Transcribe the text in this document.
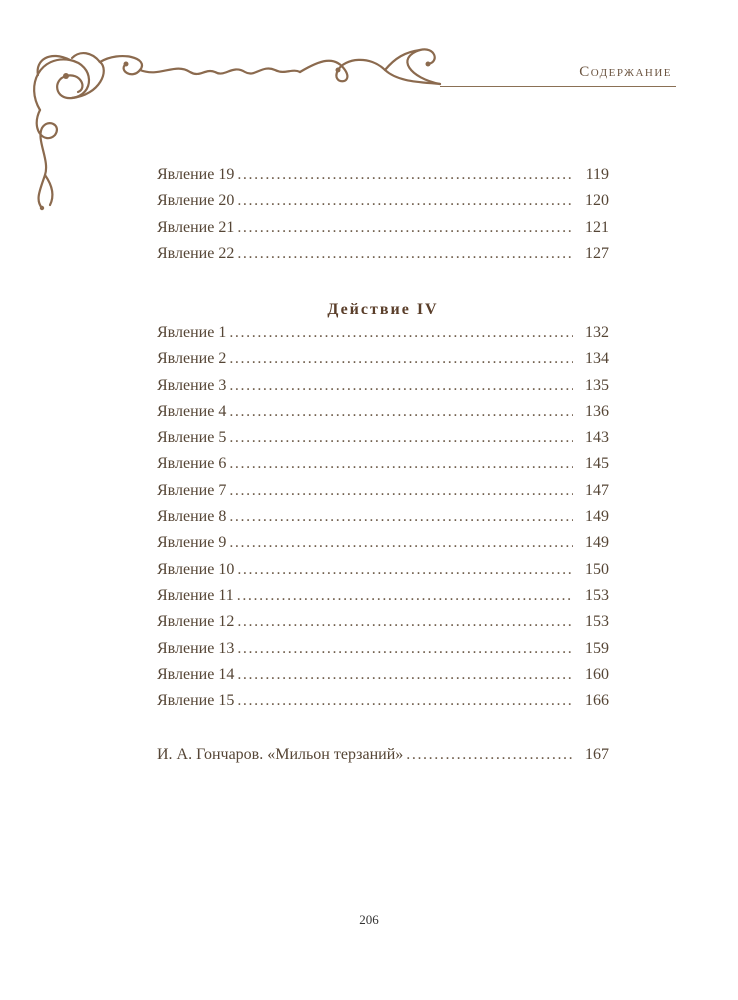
Содержание
Явление 19 . . .	119
Явление 20 . . .	120
Явление 21 . . .	121
Явление 22 . . .	127
Действие IV
Явление 1 . . .	132
Явление 2 . . .	134
Явление 3 . . .	135
Явление 4 . . .	136
Явление 5 . . .	143
Явление 6 . . .	145
Явление 7 . . .	147
Явление 8 . . .	149
Явление 9 . . .	149
Явление 10 . . .	150
Явление 11 . . .	153
Явление 12 . . .	153
Явление 13 . . .	159
Явление 14 . . .	160
Явление 15 . . .	166
И. А. Гончаров. «Мильон терзаний» . . .	167
206
